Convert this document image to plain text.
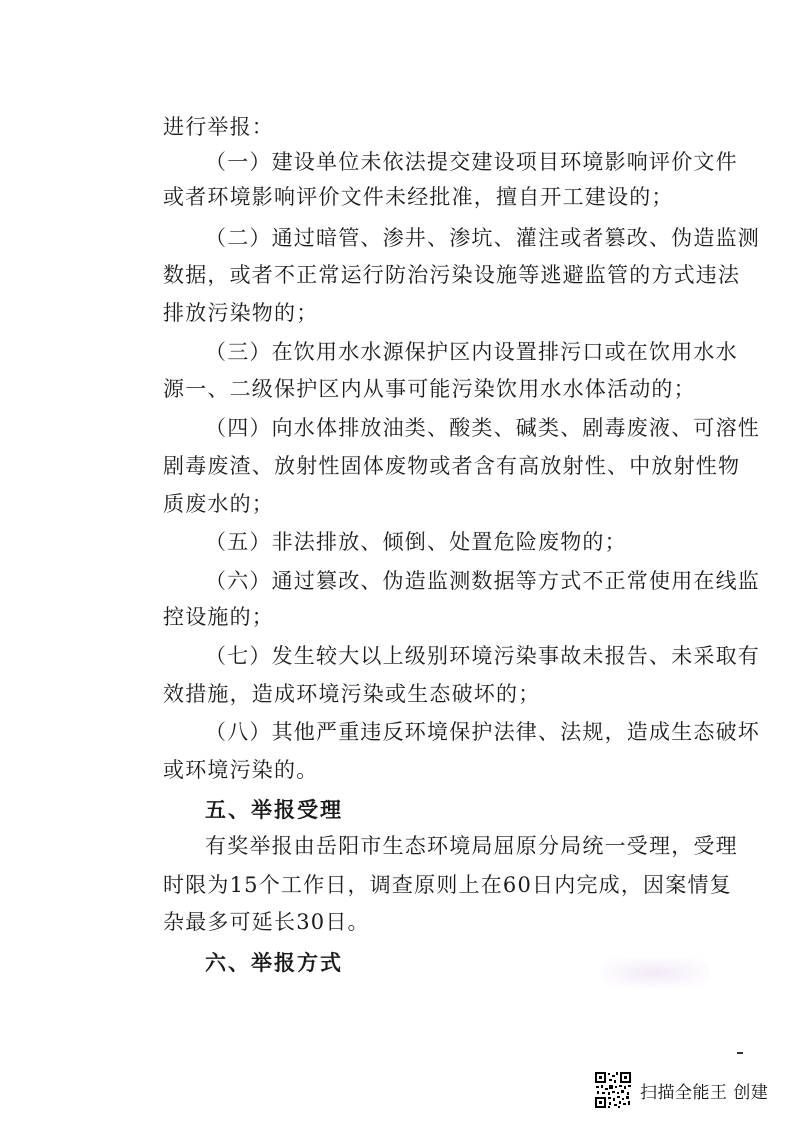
进行举报：
（一）建设单位未依法提交建设项目环境影响评价文件
或者环境影响评价文件未经批准，擅自开工建设的；
（二）通过暗管、渗井、渗坑、灌注或者篡改、伪造监测
数据，或者不正常运行防治污染设施等逃避监管的方式违法
排放污染物的；
（三）在饮用水水源保护区内设置排污口或在饮用水水
源一、二级保护区内从事可能污染饮用水水体活动的；
（四）向水体排放油类、酸类、碱类、剧毒废液、可溶性
剧毒废渣、放射性固体废物或者含有高放射性、中放射性物
质废水的；
（五）非法排放、倾倒、处置危险废物的；
（六）通过篡改、伪造监测数据等方式不正常使用在线监
控设施的；
（七）发生较大以上级别环境污染事故未报告、未采取有
效措施，造成环境污染或生态破坏的；
（八）其他严重违反环境保护法律、法规，造成生态破坏
或环境污染的。
五、举报受理
有奖举报由岳阳市生态环境局屈原分局统一受理，受理
时限为15个工作日，调查原则上在60日内完成，因案情复
杂最多可延长30日。
六、举报方式
扫描全能王 创建
